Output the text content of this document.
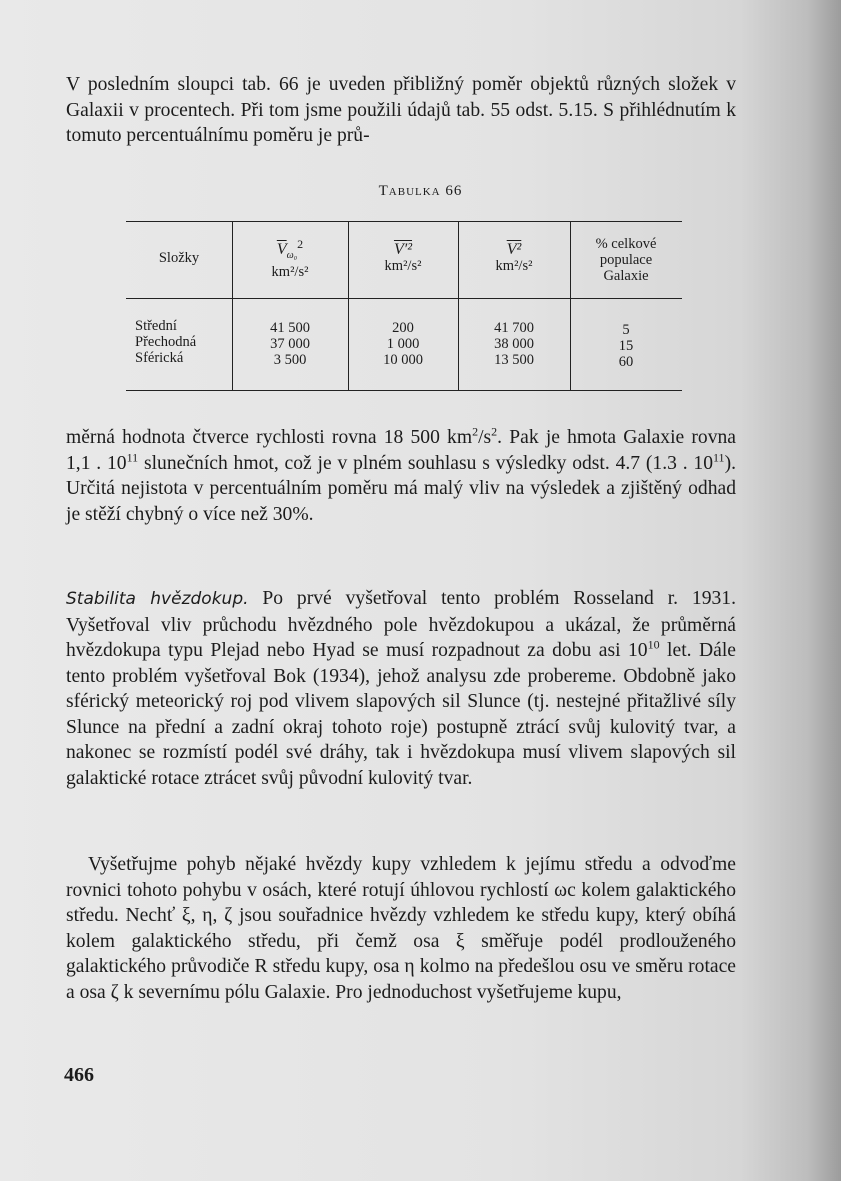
V posledním sloupci tab. 66 je uveden přibližný poměr objektů různých složek v Galaxii v procentech. Při tom jsme použili údajů tab. 55 odst. 5.15. S přihlédnutím k tomuto percentuálnímu poměru je prů-

Tabulka 66
Složky	$\overline{V}_{\omega_0}^2$
km²/s²
V′²
km²/s²
V²
km²/s²
% celkové
populace
Galaxie
Střední
Přechodná
Sférická
41 500
37 000
3 500
200
1 000
10 000
41 700
38 000
13 500
5
15
60

měrná hodnota čtverce rychlosti rovna 18 500 $km^2/s^2$. Pak je hmota Galaxie rovna 1,1 . $10^{11}$ slunečních hmot, což je v plném souhlasu s výsledky odst. 4.7 (1.3 . $10^{11}$). Určitá nejistota v percentuálním poměru má malý vliv na výsledek a zjištěný odhad je stěží chybný o více než 30%.

Stabilita hvězdokup. Po prvé vyšetřoval tento problém Rosseland r. 1931. Vyšetřoval vliv průchodu hvězdného pole hvězdokupou a ukázal, že průměrná hvězdokupa typu Plejad nebo Hyad se musí rozpadnout za dobu asi $10^{10}$ let. Dále tento problém vyšetřoval Bok (1934), jehož analysu zde probereme. Obdobně jako sférický meteorický roj pod vlivem slapových sil Slunce (tj. nestejné přitažlivé síly Slunce na přední a zadní okraj tohoto roje) postupně ztrácí svůj kulovitý tvar, a nakonec se rozmístí podél své dráhy, tak i hvězdokupa musí vlivem slapových sil galaktické rotace ztrácet svůj původní kulovitý tvar.

Vyšetřujme pohyb nějaké hvězdy kupy vzhledem k jejímu středu a odvoďme rovnici tohoto pohybu v osách, které rotují úhlovou rychlostí ωc kolem galaktického středu. Nechť ξ, η, ζ jsou souřadnice hvězdy vzhledem ke středu kupy, který obíhá kolem galaktického středu, při čemž osa ξ směřuje podél prodlouženého galaktického průvodiče R středu kupy, osa η kolmo na předešlou osu ve směru rotace a osa ζ k severnímu pólu Galaxie. Pro jednoduchost vyšetřujeme kupu,

466
